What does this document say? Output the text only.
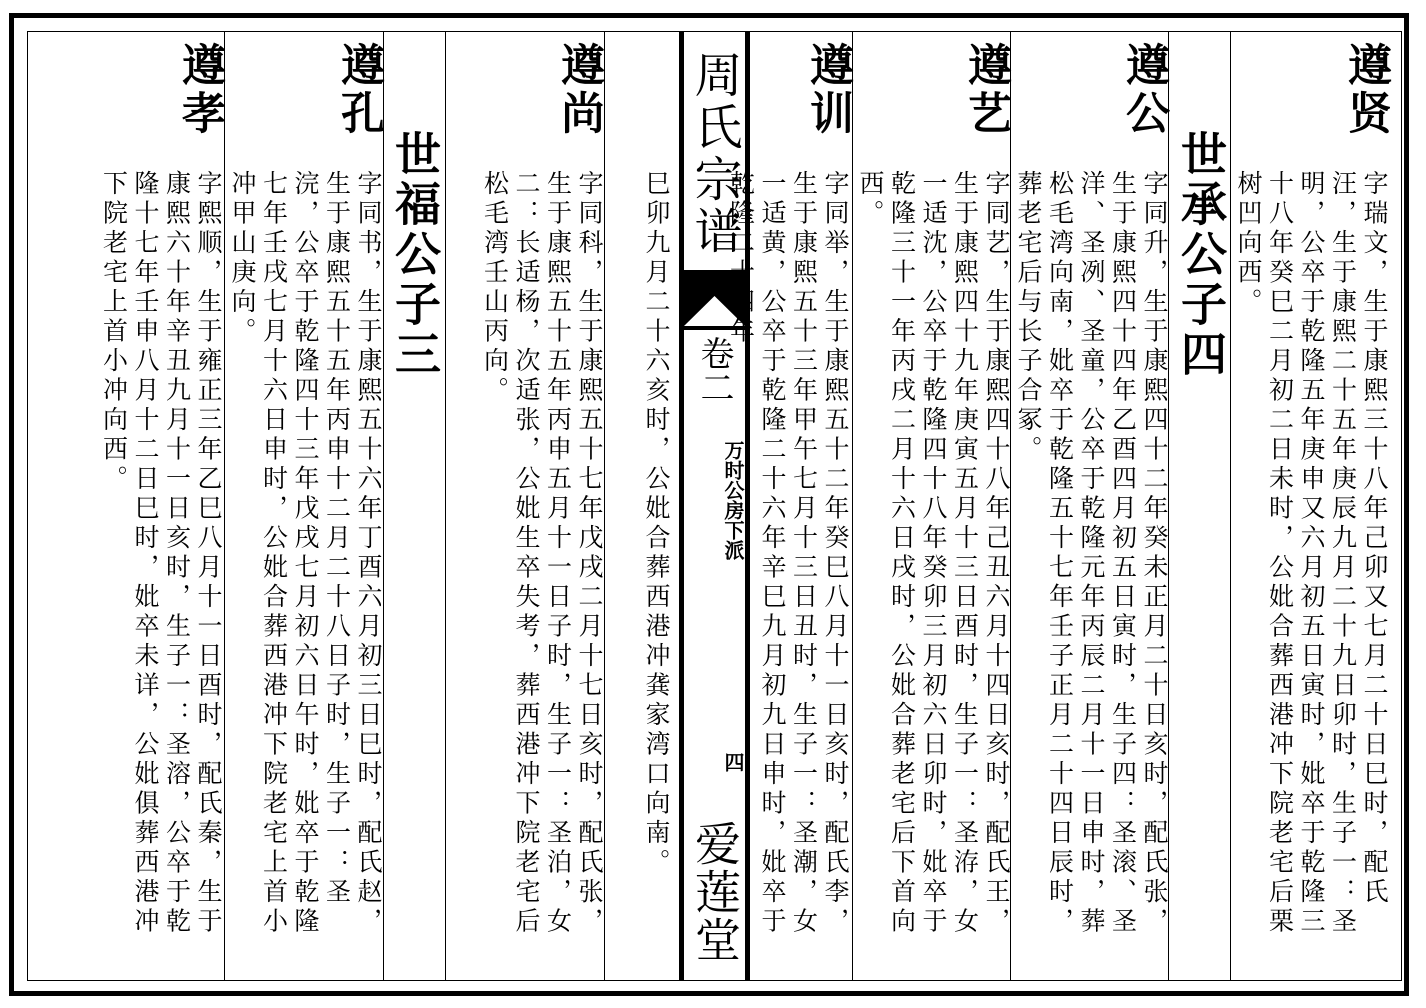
周氏宗谱
卷二
万时公房下派
四
爱莲堂
遵贤
字瑞文，生于康熙三十八年己卯又七月二十日巳时，配氏汪，生于康熙二十五年庚辰九月二十九日卯时，生子一：圣明，公卒于乾隆五年庚申又六月初五日寅时，妣卒于乾隆三十八年癸巳二月初二日未时，公妣合葬西港冲下院老宅后栗树凹向西。
世承公子四
遵公
字同升，生于康熙四十二年癸未正月二十日亥时，配氏张，生于康熙四十四年乙酉四月初五日寅时，生子四：圣滚、圣洋、圣冽、圣童，公卒于乾隆元年丙辰二月十一日申时，葬松毛湾向南，妣卒于乾隆五十七年壬子正月二十四日辰时，葬老宅后与长子合冢。
遵艺
字同艺，生于康熙四十八年己丑六月十四日亥时，配氏王，生于康熙四十九年庚寅五月十三日酉时，生子一：圣洊，女一适沈，公卒于乾隆四十八年癸卯三月初六日卯时，妣卒于乾隆三十一年丙戌二月十六日戌时，公妣合葬老宅后下首向西。
遵训
字同举，生于康熙五十二年癸巳八月十一日亥时，配氏李，生于康熙五十三年甲午七月十三日丑时，生子一：圣潮，女一适黄，公卒于乾隆二十六年辛巳九月初九日申时，妣卒于乾隆二十四年
巳卯九月二十六亥时，公妣合葬西港冲龚家湾口向南。
遵尚
字同科，生于康熙五十七年戊戌二月十七日亥时，配氏张，生于康熙五十五年丙申五月十一日子时，生子一：圣泊，女二：长适杨，次适张，公妣生卒失考，葬西港冲下院老宅后松毛湾壬山丙向。
世福公子三
遵孔
字同书，生于康熙五十六年丁酉六月初三日巳时，配氏赵，生于康熙五十五年丙申十二月二十八日子时，生子一：圣浣，公卒于乾隆四十三年戊戌七月初六日午时，妣卒于乾隆七年壬戌七月十六日申时，公妣合葬西港冲下院老宅上首小冲甲山庚向。
遵孝
字熙顺，生于雍正三年乙巳八月十一日酉时，配氏秦，生于康熙六十年辛丑九月十一日亥时，生子一：圣溶，公卒于乾隆十七年壬申八月十二日巳时，妣卒未详，公妣俱葬西港冲下院老宅上首小冲向西。
